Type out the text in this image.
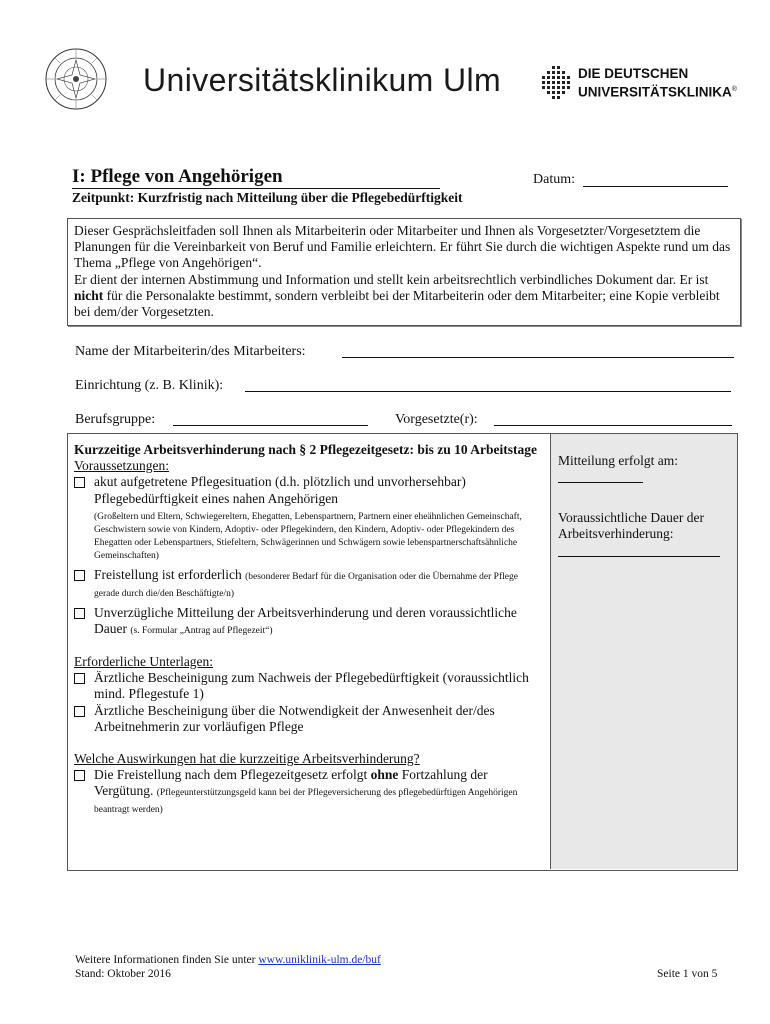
Universitätsklinikum Ulm	DIE DEUTSCHEN
UNIVERSITÄTSKLINIKA®
I: Pflege von Angehörigen	Datum:
Zeitpunkt: Kurzfristig nach Mitteilung über die Pflegebedürftigkeit
Dieser Gesprächsleitfaden soll Ihnen als Mitarbeiterin oder Mitarbeiter und Ihnen als Vorgesetzter/Vorgesetztem die Planungen für die Vereinbarkeit von Beruf und Familie erleichtern. Er führt Sie durch die wichtigen Aspekte rund um das Thema „Pflege von Angehörigen“.
Er dient der internen Abstimmung und Information und stellt kein arbeitsrechtlich verbindliches Dokument dar. Er ist nicht für die Personalakte bestimmt, sondern verbleibt bei der Mitarbeiterin oder dem Mitarbeiter; eine Kopie verbleibt bei dem/der Vorgesetzten.
Name der Mitarbeiterin/des Mitarbeiters:
Einrichtung (z. B. Klinik):
Berufsgruppe:	Vorgesetzte(r):
Kurzzeitige Arbeitsverhinderung nach § 2 Pflegezeitgesetz: bis zu 10 Arbeitstage
Voraussetzungen:
akut aufgetretene Pflegesituation (d.h. plötzlich und unvorhersehbar) Pflegebedürftigkeit eines nahen Angehörigen
(Großeltern und Eltern, Schwiegereltern, Ehegatten, Lebenspartnern, Partnern einer eheähnlichen Gemeinschaft, Geschwistern sowie von Kindern, Adoptiv- oder Pflegekindern, den Kindern, Adoptiv- oder Pflegekindern des Ehegatten oder Lebenspartners, Stiefeltern, Schwägerinnen und Schwägern sowie lebenspartnerschaftsähnliche Gemeinschaften)
Freistellung ist erforderlich (besonderer Bedarf für die Organisation oder die Übernahme der Pflege gerade durch die/den Beschäftigte/n)
Unverzügliche Mitteilung der Arbeitsverhinderung und deren voraussichtliche Dauer (s. Formular „Antrag auf Pflegezeit“)
Erforderliche Unterlagen:
Ärztliche Bescheinigung zum Nachweis der Pflegebedürftigkeit (voraussichtlich mind. Pflegestufe 1)
Ärztliche Bescheinigung über die Notwendigkeit der Anwesenheit der/des Arbeitnehmerin zur vorläufigen Pflege
Welche Auswirkungen hat die kurzzeitige Arbeitsverhinderung?
Die Freistellung nach dem Pflegezeitgesetz erfolgt ohne Fortzahlung der Vergütung. (Pflegeunterstützungsgeld kann bei der Pflegeversicherung des pflegebedürftigen Angehörigen beantragt werden)
Mitteilung erfolgt am:
Voraussichtliche Dauer der Arbeitsverhinderung:
Weitere Informationen finden Sie unter www.uniklinik-ulm.de/buf
Stand: Oktober 2016	Seite 1 von 5
